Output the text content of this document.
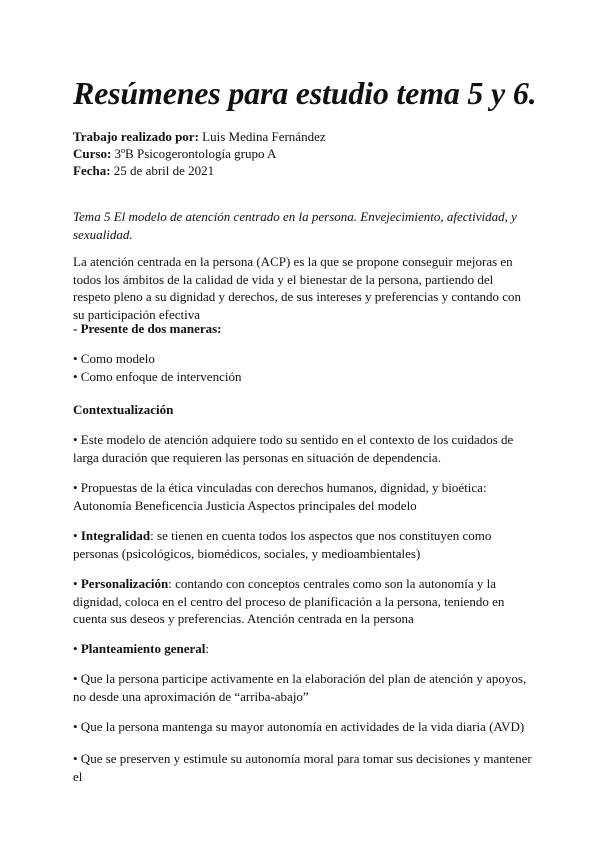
Resúmenes para estudio tema 5 y 6.
Trabajo realizado por: Luis Medina Fernández
Curso: 3ºB Psicogerontología grupo A
Fecha: 25 de abril de 2021

Tema 5 El modelo de atención centrado en la persona. Envejecimiento, afectividad, y sexualidad.

La atención centrada en la persona (ACP) es la que se propone conseguir mejoras en todos los ámbitos de la calidad de vida y el bienestar de la persona, partiendo del respeto pleno a su dignidad y derechos, de sus intereses y preferencias y contando con su participación efectiva

- Presente de dos maneras:

• Como modelo

• Como enfoque de intervención

Contextualización

• Este modelo de atención adquiere todo su sentido en el contexto de los cuidados de larga duración que requieren las personas en situación de dependencia.

• Propuestas de la ética vinculadas con derechos humanos, dignidad, y bioética: Autonomía Beneficencia Justicia Aspectos principales del modelo

• Integralidad: se tienen en cuenta todos los aspectos que nos constituyen como personas (psicológicos, biomédicos, sociales, y medioambientales)

• Personalización: contando con conceptos centrales como son la autonomía y la dignidad, coloca en el centro del proceso de planificación a la persona, teniendo en cuenta sus deseos y preferencias. Atención centrada en la persona

• Planteamiento general:

• Que la persona participe activamente en la elaboración del plan de atención y apoyos, no desde una aproximación de “arriba-abajo”

• Que la persona mantenga su mayor autonomía en actividades de la vida diaria (AVD)

• Que se preserven y estimule su autonomía moral para tomar sus decisiones y mantener el
